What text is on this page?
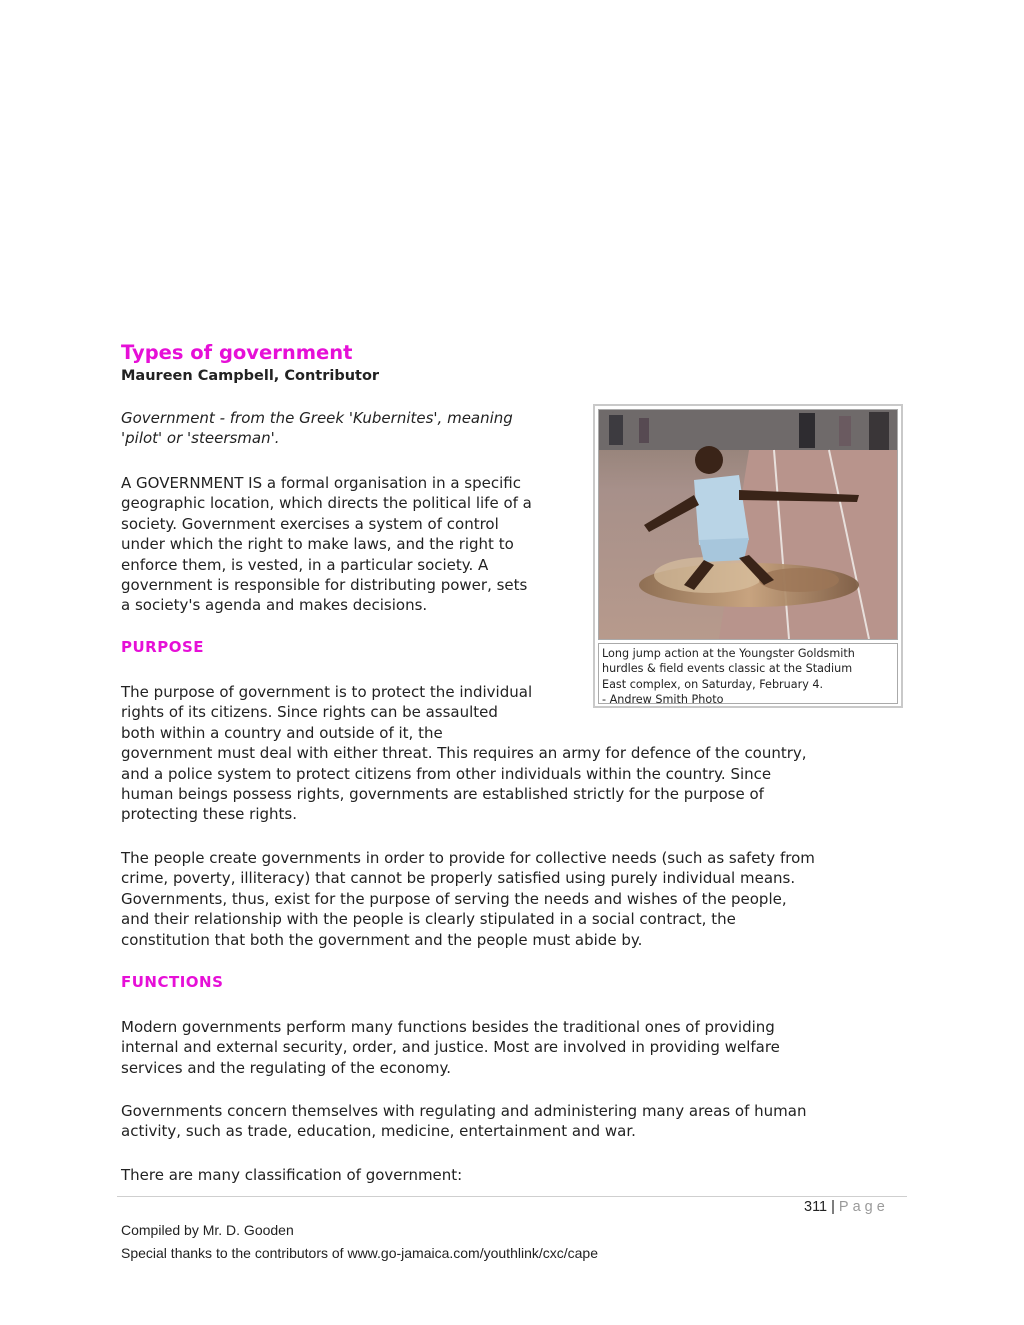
Types of government

Maureen Campbell, Contributor

Government - from the Greek 'Kubernites', meaning
'pilot' or 'steersman'.

A GOVERNMENT IS a formal organisation in a specific
geographic location, which directs the political life of a
society. Government exercises a system of control
under which the right to make laws, and the right to
enforce them, is vested, in a particular society. A
government is responsible for distributing power, sets
a society's agenda and makes decisions.

PURPOSE

The purpose of government is to protect the individual
rights of its citizens. Since rights can be assaulted
both within a country and outside of it, the
government must deal with either threat. This requires an army for defence of the country,
and a police system to protect citizens from other individuals within the country. Since
human beings possess rights, governments are established strictly for the purpose of
protecting these rights.

The people create governments in order to provide for collective needs (such as safety from
crime, poverty, illiteracy) that cannot be properly satisfied using purely individual means.
Governments, thus, exist for the purpose of serving the needs and wishes of the people,
and their relationship with the people is clearly stipulated in a social contract, the
constitution that both the government and the people must abide by.

FUNCTIONS

Modern governments perform many functions besides the traditional ones of providing
internal and external security, order, and justice. Most are involved in providing welfare
services and the regulating of the economy.

Governments concern themselves with regulating and administering many areas of human
activity, such as trade, education, medicine, entertainment and war.

There are many classification of government:

Long jump action at the Youngster Goldsmith
hurdles & field events classic at the Stadium
East complex, on Saturday, February 4.
- Andrew Smith Photo
311 | Page

Compiled by Mr. D. Gooden

Special thanks to the contributors of www.go-jamaica.com/youthlink/cxc/cape
